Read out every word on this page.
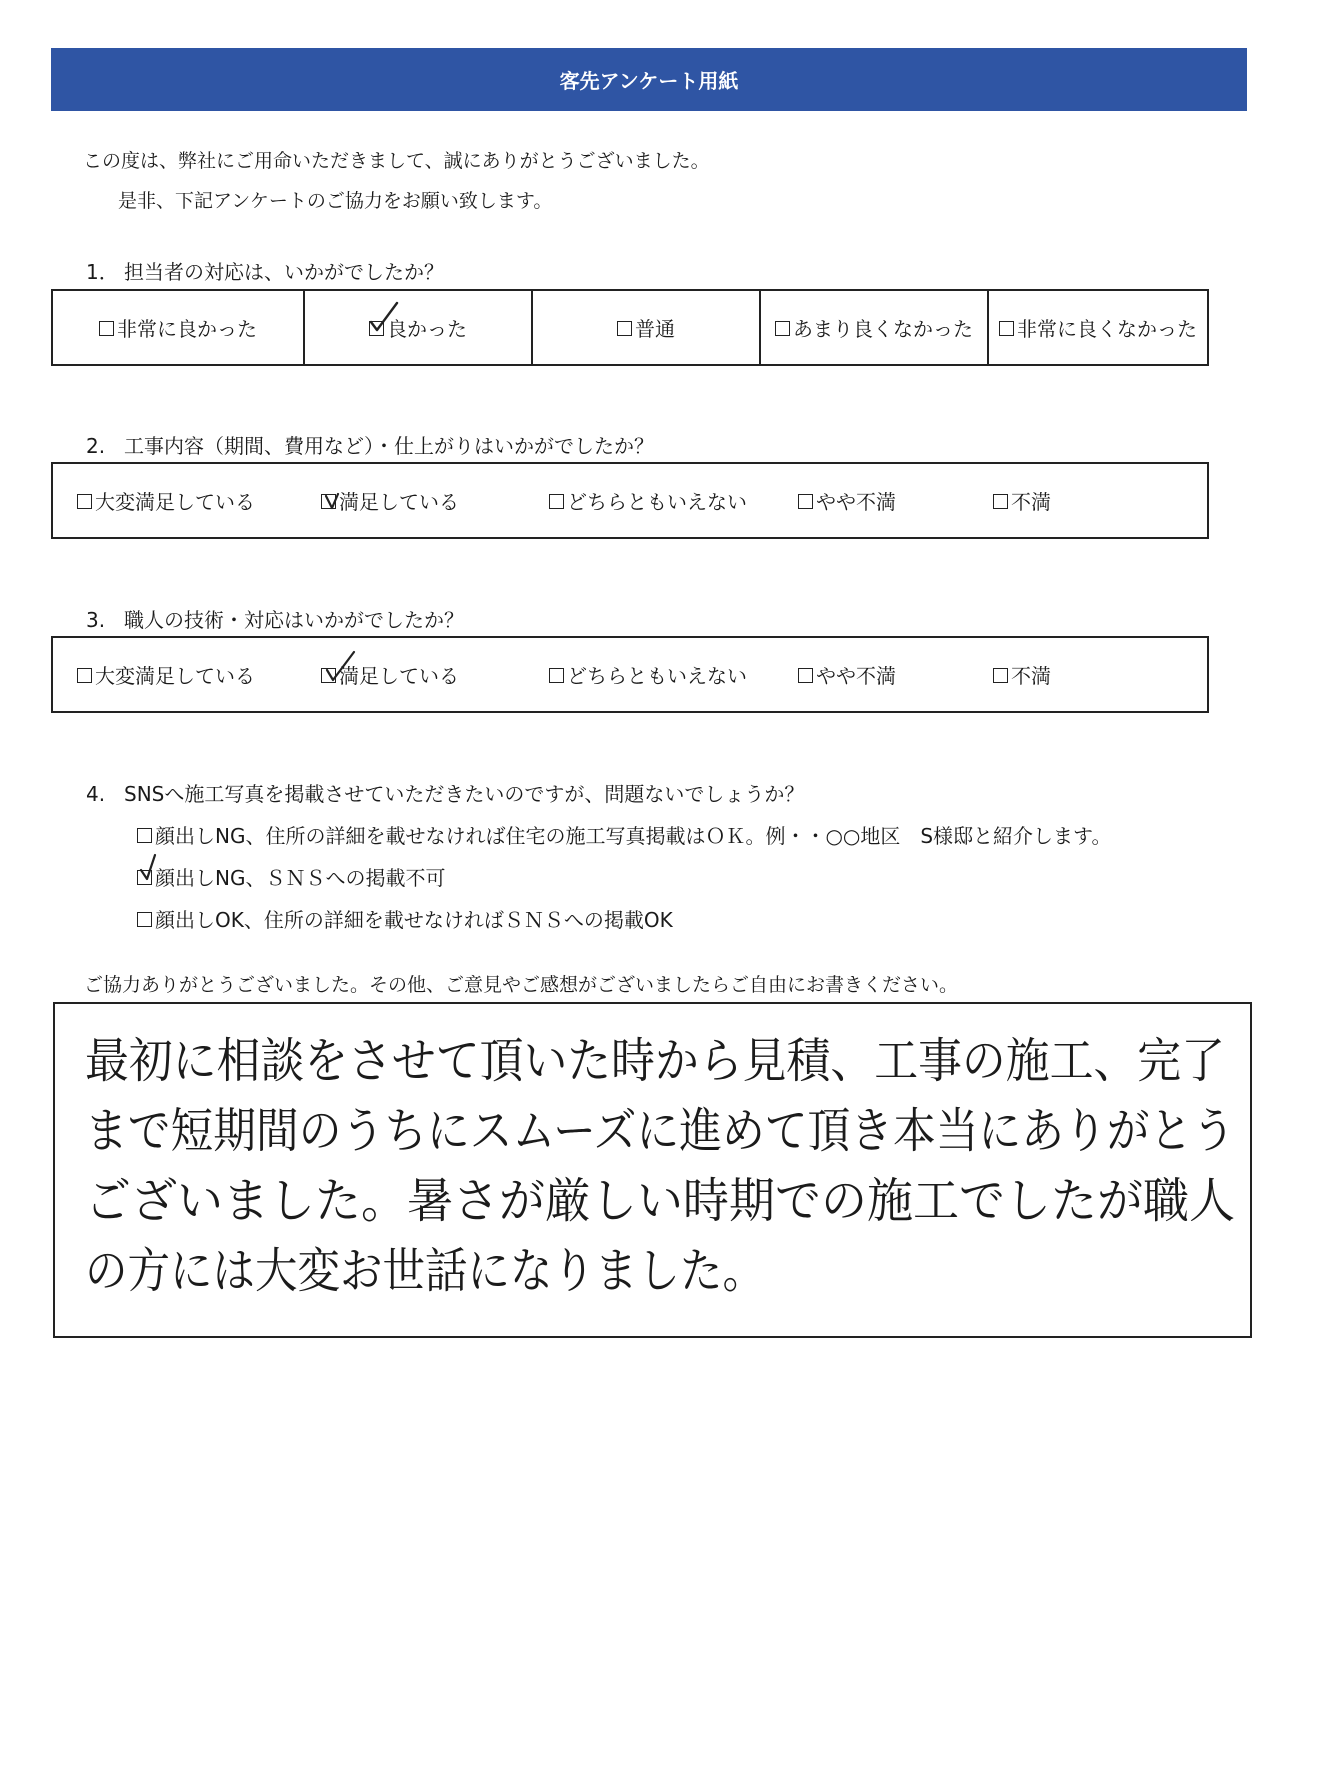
客先アンケート用紙
この度は、弊社にご用命いただきまして、誠にありがとうございました。
是非、下記アンケートのご協力をお願い致します。
1． 担当者の対応は、いかがでしたか？
非常に良かった	良かった	普通	あまり良くなかった 非常に良くなかった
2. 工事内容（期間、費用など）・仕上がりはいかがでしたか？
大変満足している	満足している	どちらともいえない	やや不満	不満
3. 職人の技術・対応はいかがでしたか？
大変満足している	満足している	どちらともいえない	やや不満	不満
4. SNSへ施工写真を掲載させていただきたいのですが、問題ないでしょうか？
顔出しNG、住所の詳細を載せなければ住宅の施工写真掲載はＯＫ。例・・○○地区　S様邸と紹介します。
顔出しNG、ＳＮＳへの掲載不可
顔出しOK、住所の詳細を載せなければＳＮＳへの掲載OK
ご協力ありがとうございました。その他、ご意見やご感想がございましたらご自由にお書きください。
最初に相談をさせて頂いた時から見積、工事の施工、完了
まで短期間のうちにスムーズに進めて頂き本当にありがとう
ございました。暑さが厳しい時期での施工でしたが職人
の方には大変お世話になりました。
